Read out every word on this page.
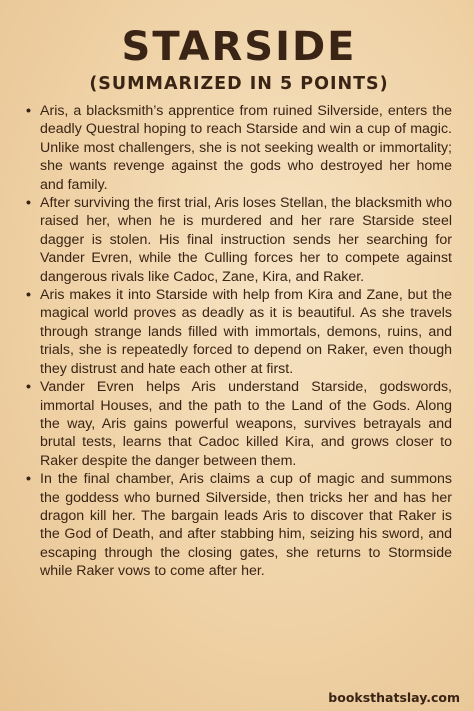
STARSIDE
(SUMMARIZED IN 5 POINTS)
• Aris, a blacksmith’s apprentice from ruined Silverside, enters the deadly Questral hoping to reach Starside and win a cup of magic. Unlike most challengers, she is not seeking wealth or immortality; she wants revenge against the gods who destroyed her home and family.
• After surviving the first trial, Aris loses Stellan, the blacksmith who raised her, when he is murdered and her rare Starside steel dagger is stolen. His final instruction sends her searching for Vander Evren, while the Culling forces her to compete against dangerous rivals like Cadoc, Zane, Kira, and Raker.
• Aris makes it into Starside with help from Kira and Zane, but the magical world proves as deadly as it is beautiful. As she travels through strange lands filled with immortals, demons, ruins, and trials, she is repeatedly forced to depend on Raker, even though they distrust and hate each other at first.
• Vander Evren helps Aris understand Starside, godswords, immortal Houses, and the path to the Land of the Gods. Along the way, Aris gains powerful weapons, survives betrayals and brutal tests, learns that Cadoc killed Kira, and grows closer to Raker despite the danger between them.
• In the final chamber, Aris claims a cup of magic and summons the goddess who burned Silverside, then tricks her and has her dragon kill her. The bargain leads Aris to discover that Raker is the God of Death, and after stabbing him, seizing his sword, and escaping through the closing gates, she returns to Stormside while Raker vows to come after her.
booksthatslay.com
